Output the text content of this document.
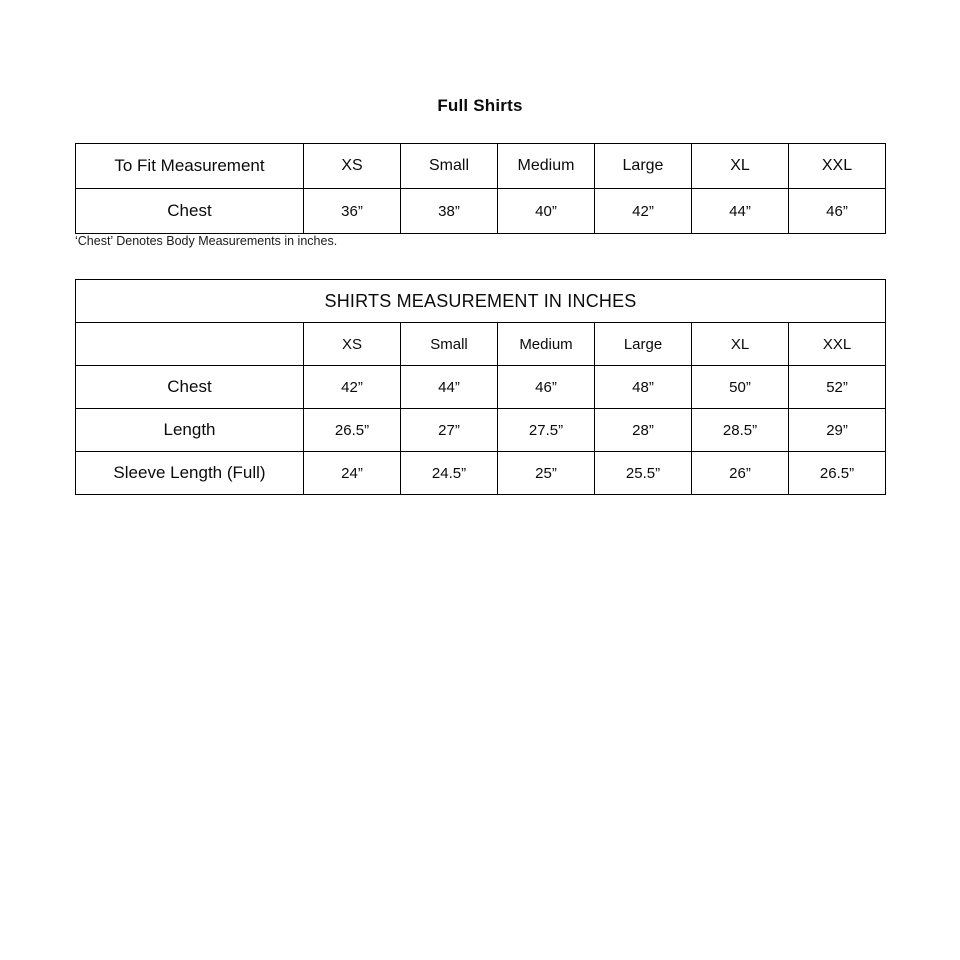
Full Shirts
To Fit Measurement	XS	Small	Medium	Large	XL	XXL
Chest	36”	38”	40”	42”	44”	46”
‘Chest’ Denotes Body Measurements in inches.
SHIRTS MEASUREMENT IN INCHES						
	XS	Small	Medium	Large	XL	XXL
Chest	42”	44”	46”	48”	50”	52”
Length	26.5”	27”	27.5”	28”	28.5”	29”
Sleeve Length (Full)	24”	24.5”	25”	25.5”	26”	26.5”
